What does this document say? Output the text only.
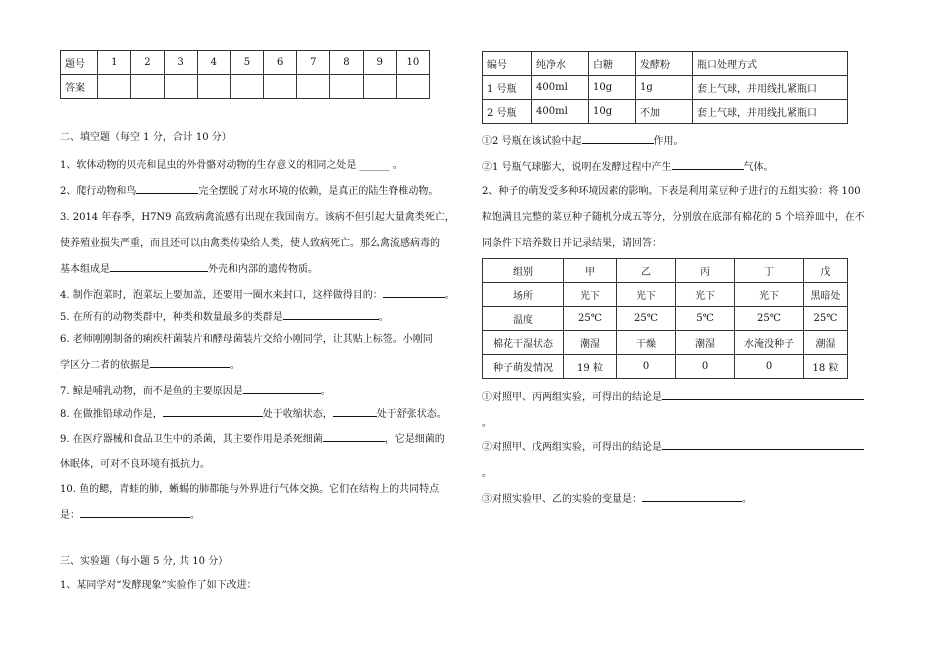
题号	1	2	3	4	5	6	7	8	9	10
答案										
二、填空题（每空 1 分，合计 10 分）
1、软体动物的贝壳和昆虫的外骨骼对动物的生存意义的相同之处是 ______ 。
2、爬行动物和鸟	完全摆脱了对水环境的依赖，是真正的陆生脊椎动物。
3. 2014 年春季，H7N9 高致病禽流感有出现在我国南方。该病不但引起大量禽类死亡，
使养殖业损失严重，而且还可以由禽类传染给人类，使人致病死亡。那么禽流感病毒的
基本组成是	外壳和内部的遗传物质。
4. 制作泡菜时，泡菜坛上要加盖，还要用一圈水来封口，这样做得目的：	。
5. 在所有的动物类群中，种类和数量最多的类群是	。
6. 老师刚刚制备的痢疾杆菌装片和酵母菌装片交给小刚同学，让其贴上标签。小刚同
学区分二者的依据是	。
7. 鲸是哺乳动物，而不是鱼的主要原因是	。
8. 在做推铅球动作是，	处于收缩状态，	处于舒张状态。
9. 在医疗器械和食品卫生中的杀菌，其主要作用是杀死细菌	，它是细菌的
休眠体，可对不良环境有抵抗力。
10. 鱼的鳃，青蛙的肺，蜥蜴的肺都能与外界进行气体交换。它们在结构上的共同特点
是：	。
三、实验题（每小题 5 分, 共 10 分）
1、某同学对“发酵现象”实验作了如下改进：
编号	纯净水	白糖	发酵粉	瓶口处理方式
1 号瓶	400ml	10g	1g	套上气球，并用线扎紧瓶口
2 号瓶	400ml	10g	不加	套上气球，并用线扎紧瓶口
①2 号瓶在该试验中起	作用。
②1 号瓶气球膨大，说明在发酵过程中产生	气体。
2、种子的萌发受多种环境因素的影响。下表是利用菜豆种子进行的五组实验：将 100
粒饱满且完整的菜豆种子随机分成五等分，分别放在底部有棉花的 5 个培养皿中，在不
同条件下培养数日并记录结果，请回答：
组别	甲	乙	丙	丁	戊
场所	光下	光下	光下	光下	黑暗处
温度	25℃	25℃	5℃	25℃	25℃
棉花干湿状态	潮湿	干燥	潮湿	水淹没种子	潮湿
种子萌发情况	19 粒	0	0	0	18 粒
①对照甲、丙两组实验，可得出的结论是
。
②对照甲、戊两组实验，可得出的结论是
。
③对照实验甲、乙的实验的变量是：	。
